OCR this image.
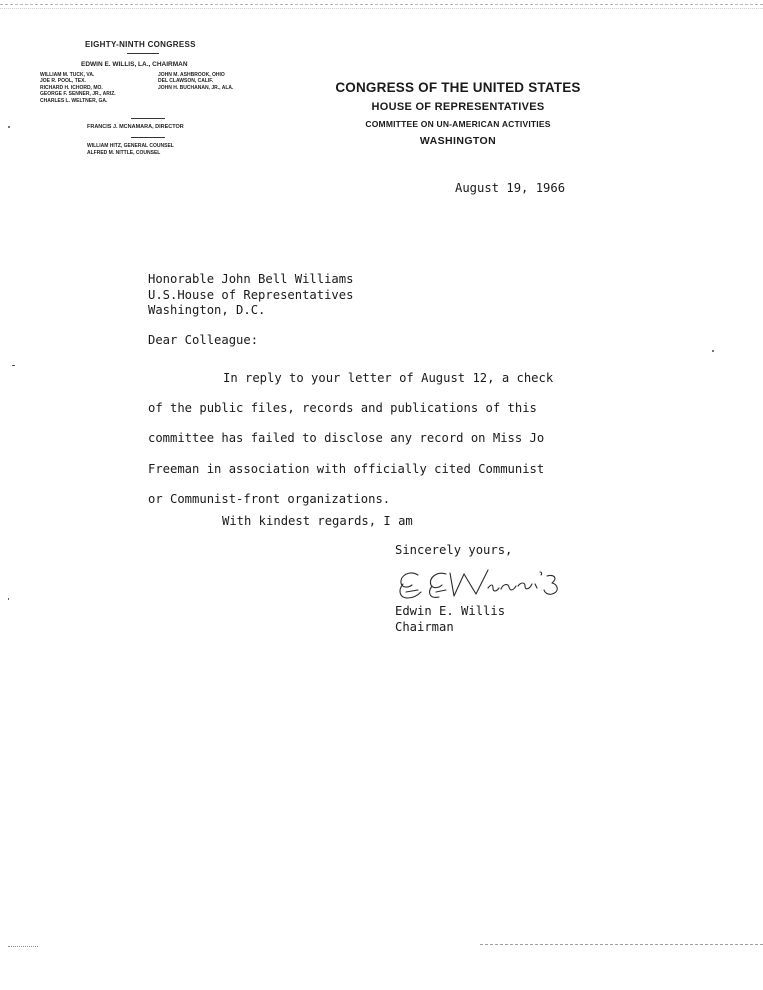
EIGHTY-NINTH CONGRESS
EDWIN E. WILLIS, LA., CHAIRMAN
WILLIAM M. TUCK, VA.
JOE R. POOL, TEX.
RICHARD H. ICHORD, MO.
GEORGE F. SENNER, JR., ARIZ.
CHARLES L. WELTNER, GA.
JOHN M. ASHBROOK, OHIO
DEL CLAWSON, CALIF.
JOHN H. BUCHANAN, JR., ALA.
FRANCIS J. MCNAMARA, DIRECTOR
WILLIAM HITZ, GENERAL COUNSEL
ALFRED M. NITTLE, COUNSEL
CONGRESS OF THE UNITED STATES
HOUSE OF REPRESENTATIVES
COMMITTEE ON UN-AMERICAN ACTIVITIES
WASHINGTON
August 19, 1966
Honorable John Bell Williams
U.S.House of Representatives
Washington, D.C.
Dear Colleague:
In reply to your letter of August 12, a check
of the public files, records and publications of this
committee has failed to disclose any record on Miss Jo
Freeman in association with officially cited Communist
or Communist-front organizations.
With kindest regards, I am
Sincerely yours,
Edwin E. Willis
Chairman
